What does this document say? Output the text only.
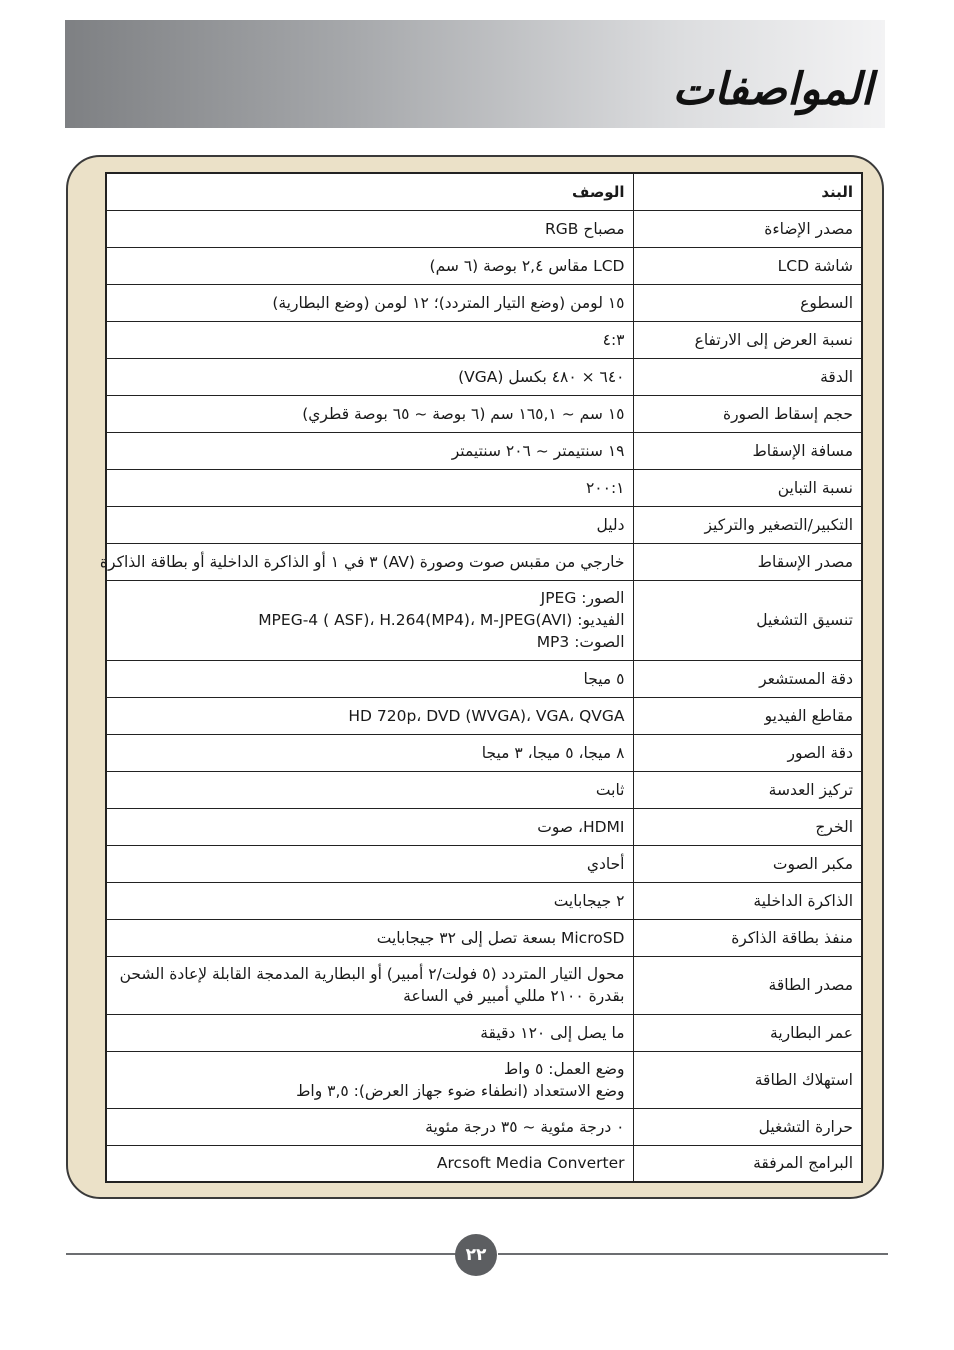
المواصفات
البند	الوصف
مصدر الإضاءة	مصباح RGB

شاشة LCD	LCD مقاس ٢,٤ بوصة (٦ سم)

السطوع	١٥ لومن (وضع التيار المتردد)؛ ١٢ لومن (وضع البطارية)

نسبة العرض إلى الارتفاع	٤:٣

الدقة	٦٤٠ × ٤٨٠ بكسل (VGA)

حجم إسقاط الصورة	١٥ سم ~ ١٦٥,١ سم (٦ بوصة ~ ٦٥ بوصة قطري)

مسافة الإسقاط	١٩ سنتيمتر ~ ٢٠٦ سنتيمتر

نسبة التباين	٢٠٠:١

التكبير/التصغير والتركيز	دليل

مصدر الإسقاط	خارجي من مقبس صوت وصورة (AV) ٣ في ١ أو الذاكرة الداخلية أو بطاقة الذاكرة

تنسيق التشغيل	الصور: JPEG
الفيديو: MPEG-4 ( ASF)، H.264(MP4)، M-JPEG(AVI)
الصوت: MP3

دقة المستشعر	٥ ميجا

مقاطع الفيديو	HD 720p، DVD (WVGA)، VGA، QVGA

دقة الصور	٨ ميجا، ٥ ميجا، ٣ ميجا

تركيز العدسة	ثابت

الخرج	HDMI، صوت

مكبر الصوت	أحادي

الذاكرة الداخلية	٢ جيجابايت

منفذ بطاقة الذاكرة	MicroSD بسعة تصل إلى ٣٢ جيجابايت

مصدر الطاقة	محول التيار المتردد (٥ فولت/٢ أمبير) أو البطارية المدمجة القابلة لإعادة الشحن
بقدرة ٢١٠٠ مللي أمبير في الساعة

عمر البطارية	ما يصل إلى ١٢٠ دقيقة

استهلاك الطاقة	وضع العمل: ٥ واط
وضع الاستعداد (انطفاء ضوء جهاز العرض): ٣,٥ واط

حرارة التشغيل	٠ درجة مئوية ~ ٣٥ درجة مئوية

البرامج المرفقة	Arcsoft Media Converter
٢٢
